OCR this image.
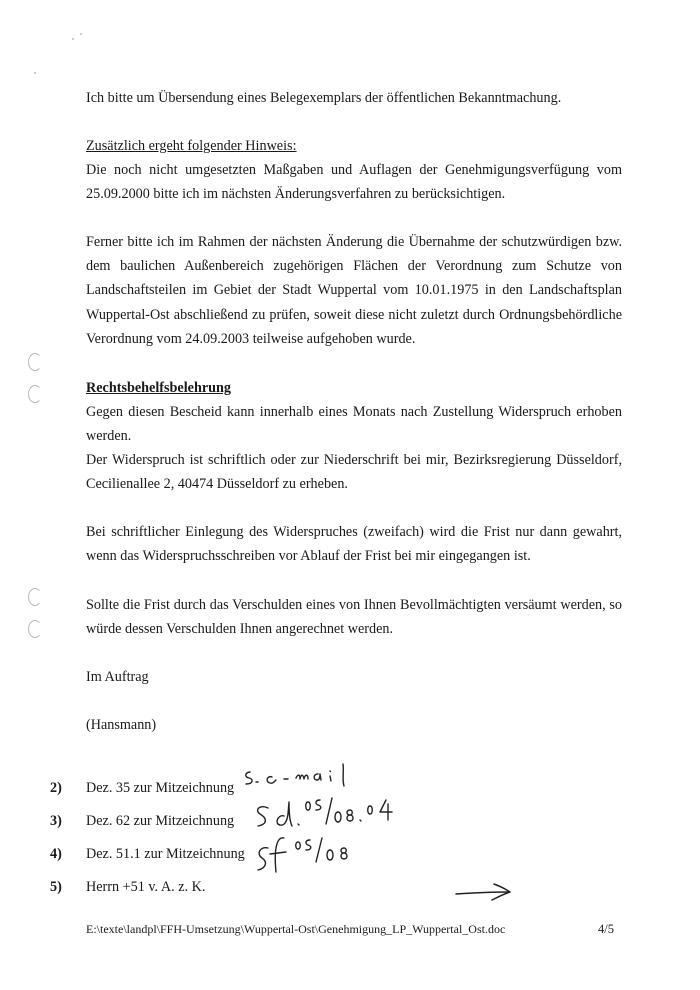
Ich bitte um Übersendung eines Belegexemplars der öffentlichen Bekanntmachung.
Zusätzlich ergeht folgender Hinweis:
Die noch nicht umgesetzten Maßgaben und Auflagen der Genehmigungsverfügung vom
25.09.2000 bitte ich im nächsten Änderungsverfahren zu berücksichtigen.
Ferner bitte ich im Rahmen der nächsten Änderung die Übernahme der schutzwürdigen bzw.
dem baulichen Außenbereich zugehörigen Flächen der Verordnung zum Schutze von
Landschaftsteilen im Gebiet der Stadt Wuppertal vom 10.01.1975 in den Landschaftsplan
Wuppertal-Ost abschließend zu prüfen, soweit diese nicht zuletzt durch Ordnungsbehördliche
Verordnung vom 24.09.2003 teilweise aufgehoben wurde.
Rechtsbehelfsbelehrung
Gegen diesen Bescheid kann innerhalb eines Monats nach Zustellung Widerspruch erhoben
werden.
Der Widerspruch ist schriftlich oder zur Niederschrift bei mir, Bezirksregierung Düsseldorf,
Cecilienallee 2, 40474 Düsseldorf zu erheben.
Bei schriftlicher Einlegung des Widerspruches (zweifach) wird die Frist nur dann gewahrt,
wenn das Widerspruchsschreiben vor Ablauf der Frist bei mir eingegangen ist.
Sollte die Frist durch das Verschulden eines von Ihnen Bevollmächtigten versäumt werden, so
würde dessen Verschulden Ihnen angerechnet werden.
Im Auftrag
(Hansmann)
2) Dez. 35 zur Mitzeichnung
3) Dez. 62 zur Mitzeichnung
4) Dez. 51.1 zur Mitzeichnung
5) Herrn +51 v. A. z. K.
E:\texte\landpl\FFH-Umsetzung\Wuppertal-Ost\Genehmigung_LP_Wuppertal_Ost.doc	4/5
